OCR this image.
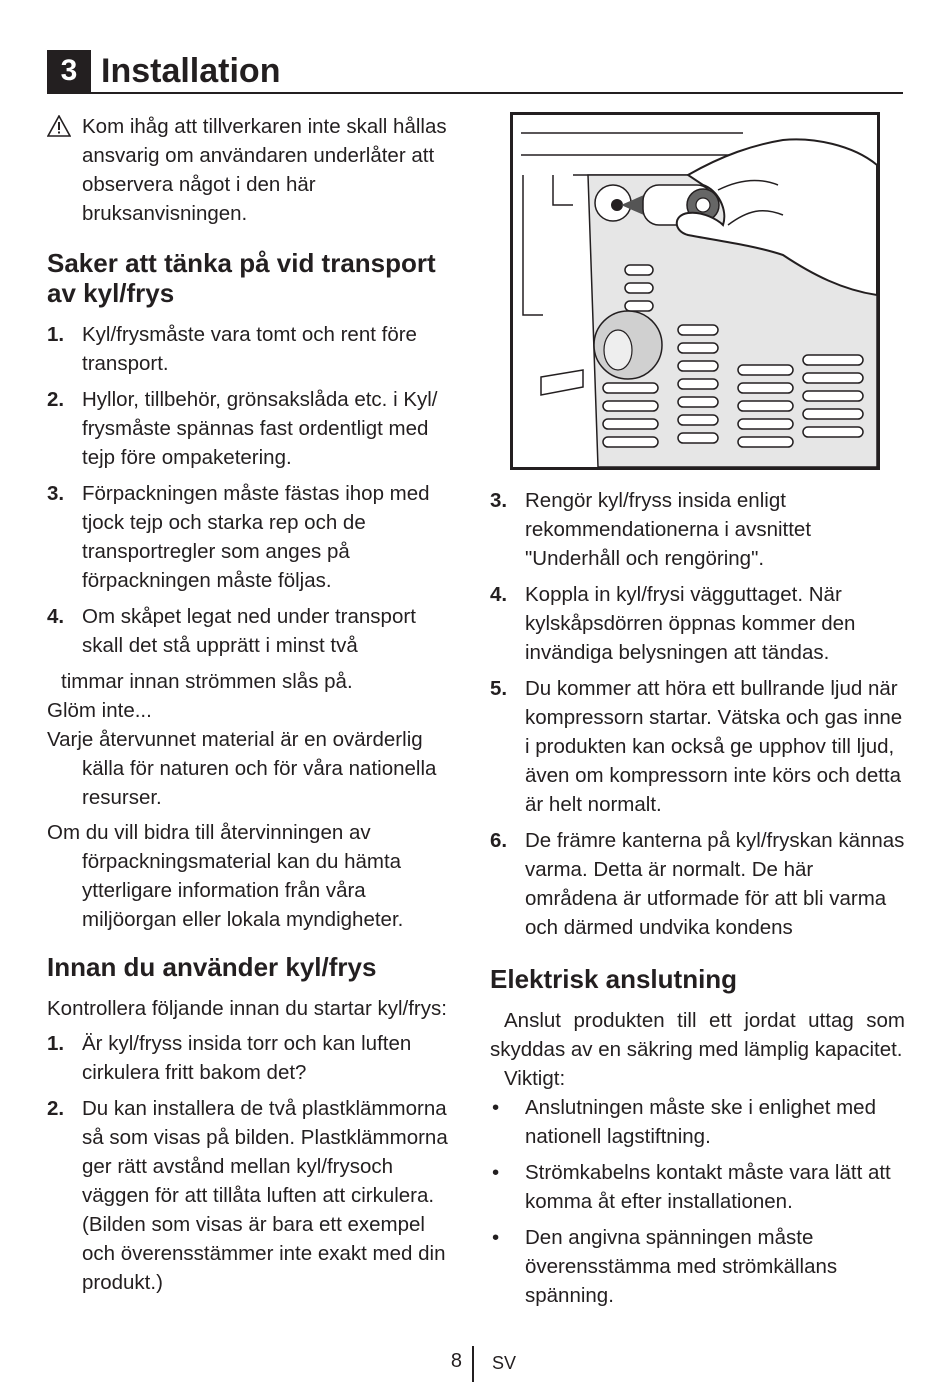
3 Installation
Kom ihåg att tillverkaren inte skall hållas ansvarig om användaren underlåter att observera något i den här bruksanvisningen.
Saker att tänka på vid transport av kyl/frys
1. Kyl/frysmåste vara tomt och rent före transport.
2. Hyllor, tillbehör, grönsakslåda etc. i Kyl/ frysmåste spännas fast ordentligt med tejp före ompaketering.
3. Förpackningen måste fästas ihop med tjock tejp och starka rep och de transportregler som anges på förpackningen måste följas.
4. Om skåpet legat ned under transport skall det stå upprätt i minst två

timmar innan strömmen slås på.

Glöm inte...

Varje återvunnet material är en ovärderlig källa för naturen och för våra nationella resurser.

Om du vill bidra till återvinningen av förpackningsmaterial kan du hämta ytterligare information från våra miljöorgan eller lokala myndigheter.

Innan du använder kyl/frys

Kontrollera följande innan du startar kyl/frys:

1. Är kyl/fryss insida torr och kan luften cirkulera fritt bakom det?
2. Du kan installera de två plastklämmorna så som visas på bilden. Plastklämmorna ger rätt avstånd mellan kyl/frysoch väggen för att tillåta luften att cirkulera. (Bilden som visas är bara ett exempel och överensstämmer inte exakt med din produkt.)
3. Rengör kyl/fryss insida enligt rekommendationerna i avsnittet "Underhåll och rengöring".
4. Koppla in kyl/frysi vägguttaget. När kylskåpsdörren öppnas kommer den invändiga belysningen att tändas.
5. Du kommer att höra ett bullrande ljud när kompressorn startar. Vätska och gas inne i produkten kan också ge upphov till ljud, även om kompressorn inte körs och detta är helt normalt.
6. De främre kanterna på kyl/fryskan kännas varma. Detta är normalt. De här områdena är utformade för att bli varma och därmed undvika kondens
Elektrisk anslutning

Anslut produkten till ett jordat uttag som skyddas av en säkring med lämplig kapacitet.

Viktigt:

• Anslutningen måste ske i enlighet med nationell lagstiftning.
• Strömkabelns kontakt måste vara lätt att komma åt efter installationen.
• Den angivna spänningen måste överensstämma med strömkällans spänning.
8 SV
